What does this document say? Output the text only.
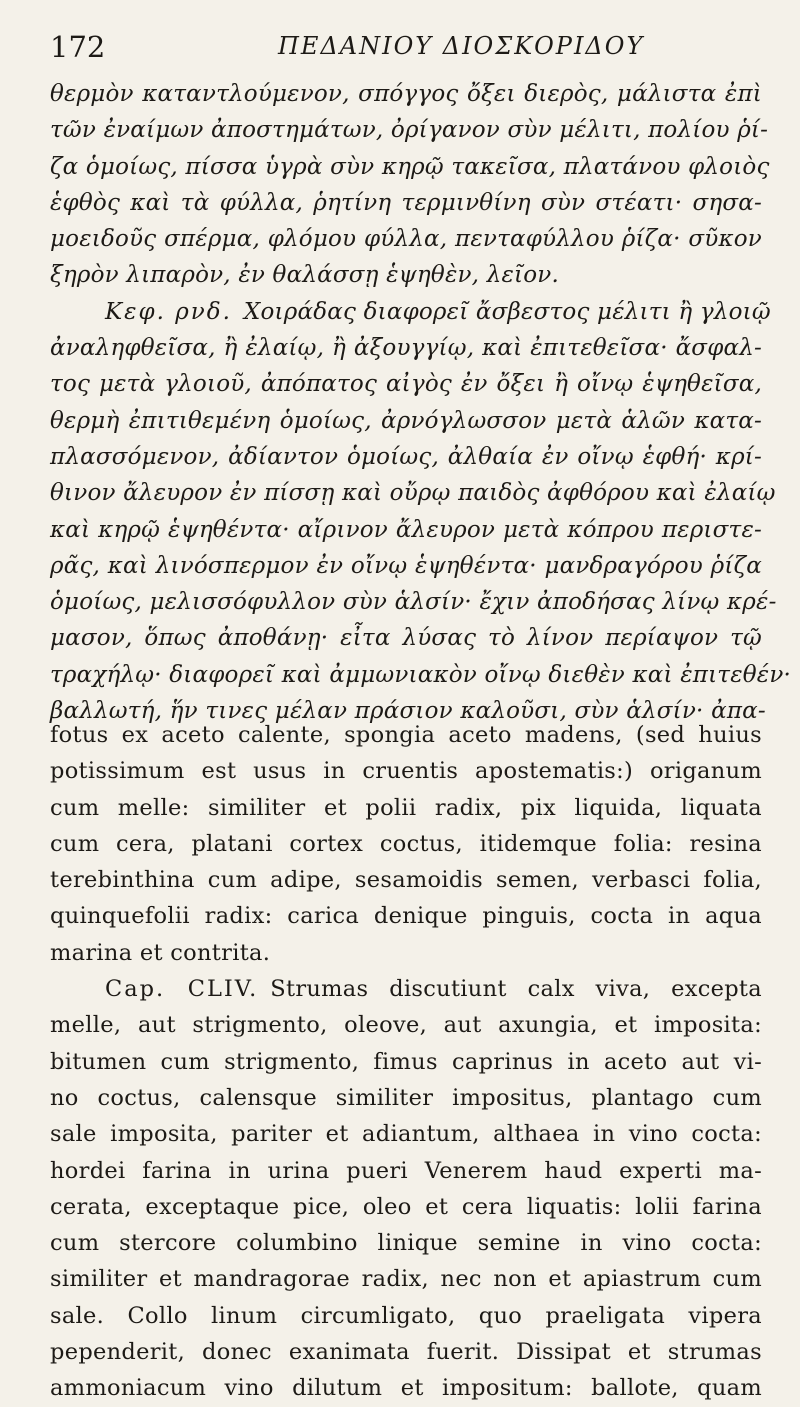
172	ΠΕΔΑΝΙΟΥ ΔΙΟΣΚΟΡΙΔΟΥ
θερμὸν καταντλούμενον, σπόγγος ὄξει διερὸς, μάλιστα ἐπὶ
τῶν ἐναίμων ἀποστημάτων, ὀρίγανον σὺν μέλιτι, πολίου ῥί-
ζα ὁμοίως, πίσσα ὑγρὰ σὺν κηρῷ τακεῖσα, πλατάνου φλοιὸς
ἑφθὸς καὶ τὰ φύλλα, ῥητίνη τερμινθίνη σὺν στέατι· σησα-
μοειδοῦς σπέρμα, φλόμου φύλλα, πενταφύλλου ῥίζα· σῦκον
ξηρὸν λιπαρὸν, ἐν θαλάσσῃ ἑψηθὲν, λεῖον.
Κεφ. ρνδ. Χοιράδας διαφορεῖ ἄσβεστος μέλιτι ἢ γλοιῷ
ἀναληφθεῖσα, ἢ ἐλαίῳ, ἢ ἀξουγγίῳ, καὶ ἐπιτεθεῖσα· ἄσφαλ-
τος μετὰ γλοιοῦ, ἀπόπατος αἰγὸς ἐν ὄξει ἢ οἴνῳ ἑψηθεῖσα,
θερμὴ ἐπιτιθεμένη ὁμοίως, ἀρνόγλωσσον μετὰ ἁλῶν κατα-
πλασσόμενον, ἀδίαντον ὁμοίως, ἀλθαία ἐν οἴνῳ ἑφθή· κρί-
θινον ἄλευρον ἐν πίσσῃ καὶ οὔρῳ παιδὸς ἀφθόρου καὶ ἐλαίῳ
καὶ κηρῷ ἑψηθέντα· αἴρινον ἄλευρον μετὰ κόπρου περιστε-
ρᾶς, καὶ λινόσπερμον ἐν οἴνῳ ἑψηθέντα· μανδραγόρου ῥίζα
ὁμοίως, μελισσόφυλλον σὺν ἁλσίν· ἔχιν ἀποδήσας λίνῳ κρέ-
μασον, ὅπως ἀποθάνῃ· εἶτα λύσας τὸ λίνον περίαψον τῷ
τραχήλῳ· διαφορεῖ καὶ ἀμμωνιακὸν οἴνῳ διεθὲν καὶ ἐπιτεθέν·
βαλλωτή, ἥν τινες μέλαν πράσιον καλοῦσι, σὺν ἁλσίν· ἀπα-
fotus ex aceto calente, spongia aceto madens, (sed huius
potissimum est usus in cruentis apostematis:) origanum
cum melle: similiter et polii radix, pix liquida, liquata
cum cera, platani cortex coctus, itidemque folia: resina
terebinthina cum adipe, sesamoidis semen, verbasci folia,
quinquefolii radix: carica denique pinguis, cocta in aqua
marina et contrita.
Cap. CLIV. Strumas discutiunt calx viva, excepta
melle, aut strigmento, oleove, aut axungia, et imposita:
bitumen cum strigmento, fimus caprinus in aceto aut vi-
no coctus, calensque similiter impositus, plantago cum
sale imposita, pariter et adiantum, althaea in vino cocta:
hordei farina in urina pueri Venerem haud experti ma-
cerata, exceptaque pice, oleo et cera liquatis: lolii farina
cum stercore columbino linique semine in vino cocta:
similiter et mandragorae radix, nec non et apiastrum cum
sale. Collo linum circumligato, quo praeligata vipera
pependerit, donec exanimata fuerit. Dissipat et strumas
ammoniacum vino dilutum et impositum: ballote, quam
